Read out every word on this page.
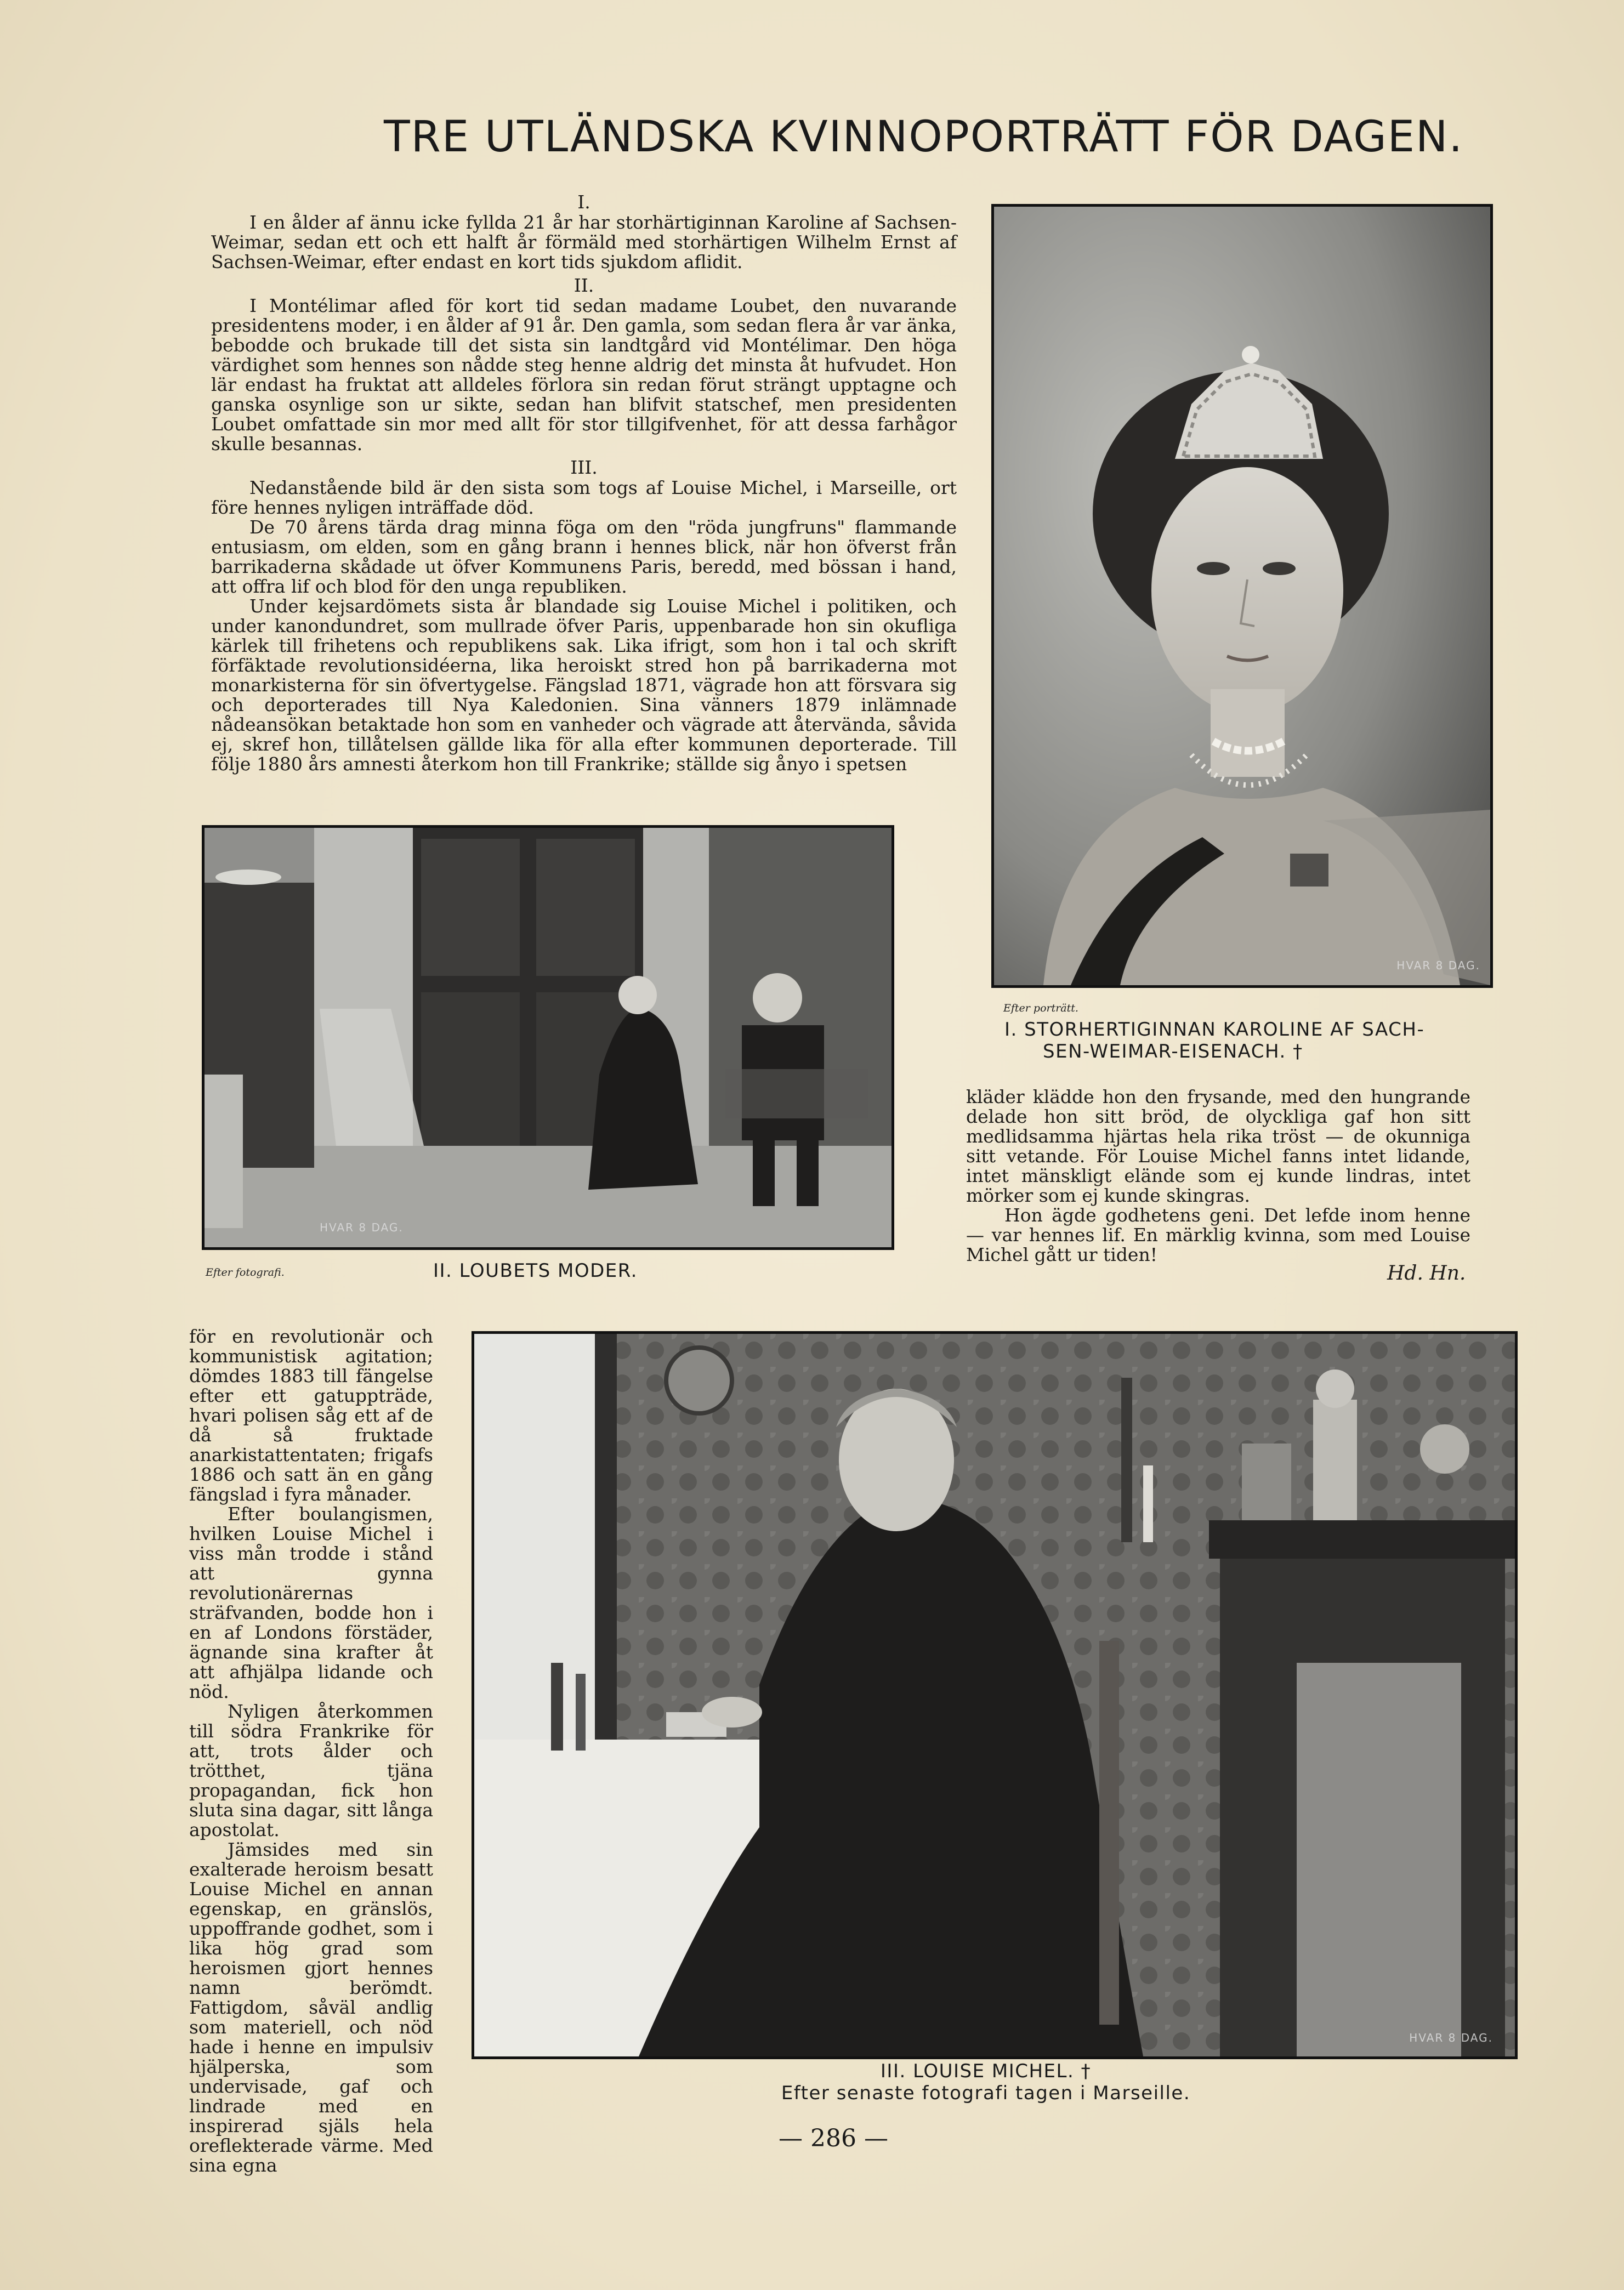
TRE UTLÄNDSKA KVINNOPORTRÄTT FÖR DAGEN.
I.

I en ålder af ännu icke fyllda 21 år har storhärtiginnan Karoline af Sachsen-Weimar, sedan ett och ett halft år förmäld med storhärtigen Wilhelm Ernst af Sachsen-Weimar, efter endast en kort tids sjukdom aflidit.

II.

I Montélimar afled för kort tid sedan madame Loubet, den nuvarande presidentens moder, i en ålder af 91 år. Den gamla, som sedan flera år var änka, bebodde och brukade till det sista sin landtgård vid Montélimar. Den höga värdighet som hennes son nådde steg henne aldrig det minsta åt hufvudet. Hon lär endast ha fruktat att alldeles förlora sin redan förut strängt upptagne och ganska osynlige son ur sikte, sedan han blifvit statschef, men presidenten Loubet omfattade sin mor med allt för stor tillgifvenhet, för att dessa farhågor skulle besannas.

III.

Nedanstående bild är den sista som togs af Louise Michel, i Marseille, ort före hennes nyligen inträffade död.

De 70 årens tärda drag minna föga om den "röda jungfruns" flammande entusiasm, om elden, som en gång brann i hennes blick, när hon öfverst från barrikaderna skådade ut öfver Kommunens Paris, beredd, med bössan i hand, att offra lif och blod för den unga republiken.

Under kejsardömets sista år blandade sig Louise Michel i politiken, och under kanondundret, som mullrade öfver Paris, uppenbarade hon sin okufliga kärlek till frihetens och republikens sak. Lika ifrigt, som hon i tal och skrift förfäktade revolutionsidéerna, lika heroiskt stred hon på barrikaderna mot monarkisterna för sin öfvertygelse. Fängslad 1871, vägrade hon att försvara sig och deporterades till Nya Kaledonien. Sina vänners 1879 inlämnade nådeansökan betaktade hon som en vanheder och vägrade att återvända, såvida ej, skref hon, tillåtelsen gällde lika för alla efter kommunen deporterade. Till följe 1880 års amnesti återkom hon till Frankrike; ställde sig ånyo i spetsen

HVAR 8 DAG.
Efter porträtt.
I. STORHERTIGINNAN KAROLINE AF SACH-
SEN-WEIMAR-EISENACH. †
HVAR 8 DAG.
Efter fotografi.	II. LOUBETS MODER.

kläder klädde hon den frysande, med den hungrande delade hon sitt bröd, de olyckliga gaf hon sitt medlidsamma hjärtas hela rika tröst — de okunniga sitt vetande. För Louise Michel fanns intet lidande, intet mänskligt elände som ej kunde lindras, intet mörker som ej kunde skingras.

Hon ägde godhetens geni. Det lefde inom henne — var hennes lif. En märklig kvinna, som med Louise Michel gått ur tiden!

Hd. Hn.

för en revolutionär och kommunistisk agitation; dömdes 1883 till fängelse efter ett gatuppträde, hvari polisen såg ett af de då så fruktade anarkistattentaten; frigafs 1886 och satt än en gång fängslad i fyra månader.

Efter boulangismen, hvilken Louise Michel i viss mån trodde i stånd att gynna revolutionärernas sträfvanden, bodde hon i en af Londons förstäder, ägnande sina krafter åt att afhjälpa lidande och nöd.

Nyligen återkommen till södra Frankrike för att, trots ålder och trötthet, tjäna propagandan, fick hon sluta sina dagar, sitt långa apostolat.

Jämsides med sin exalterade heroism besatt Louise Michel en annan egenskap, en gränslös, uppoffrande godhet, som i lika hög grad som heroismen gjort hennes namn berömdt. Fattigdom, såväl andlig som materiell, och nöd hade i henne en impulsiv hjälperska, som undervisade, gaf och lindrade med en inspirerad själs hela oreflekterade värme. Med sina egna

HVAR 8 DAG.
III. LOUISE MICHEL. †
Efter senaste fotografi tagen i Marseille.
— 286 —
